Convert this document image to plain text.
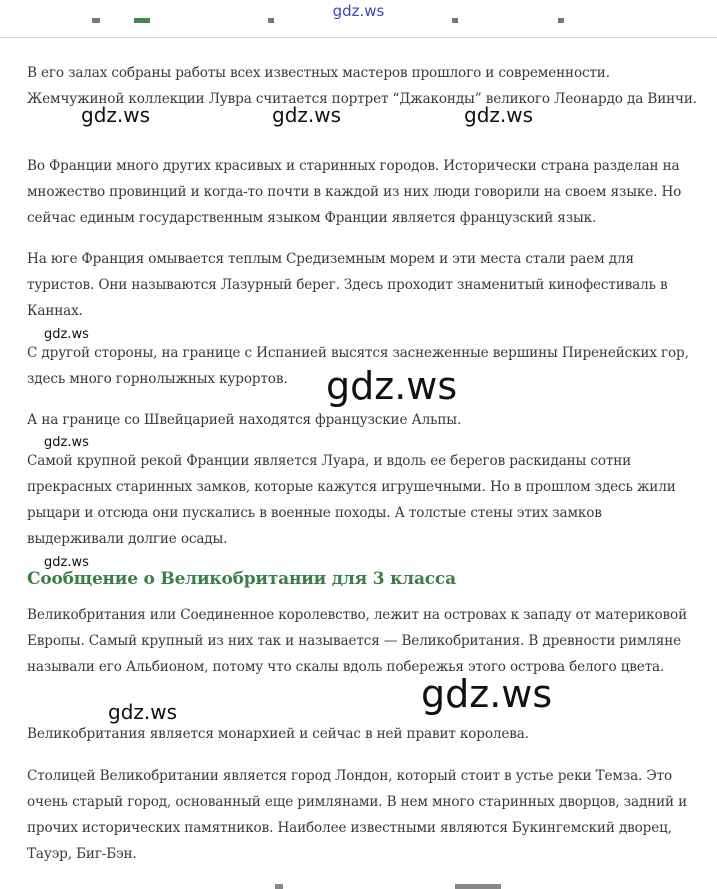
gdz.ws

В его залах собраны работы всех известных мастеров прошлого и современности. Жемчужиной коллекции Лувра считается портрет “Джаконды” великого Леонардо да Винчи.

Во Франции много других красивых и старинных городов. Исторически страна разделан на множество провинций и когда-то почти в каждой из них люди говорили на своем языке. Но сейчас единым государственным языком Франции является французский язык.

На юге Франция омывается теплым Средиземным морем и эти места стали раем для туристов. Они называются Лазурный берег. Здесь проходит знаменитый кинофестиваль в Каннах.

С другой стороны, на границе с Испанией высятся заснеженные вершины Пиренейских гор, здесь много горнолыжных курортов.

А на границе со Швейцарией находятся французские Альпы.

Самой крупной рекой Франции является Луара, и вдоль ее берегов раскиданы сотни прекрасных старинных замков, которые кажутся игрушечными. Но в прошлом здесь жили рыцари и отсюда они пускались в военные походы. А толстые стены этих замков выдерживали долгие осады.

Сообщение о Великобритании для 3 класса

Великобритания или Соединенное королевство, лежит на островах к западу от материковой Европы. Самый крупный из них так и называется — Великобритания. В древности римляне называли его Альбионом, потому что скалы вдоль побережья этого острова белого цвета.

Великобритания является монархией и сейчас в ней правит королева.

Столицей Великобритании является город Лондон, который стоит в устье реки Темза. Это очень старый город, основанный еще римлянами. В нем много старинных дворцов, задний и прочих исторических памятников. Наиболее известными являются Букингемский дворец, Тауэр, Биг-Бэн.

gdz.ws	gdz.ws	gdz.ws
gdz.ws
gdz.ws
gdz.ws
gdz.ws
gdz.ws
gdz.ws
